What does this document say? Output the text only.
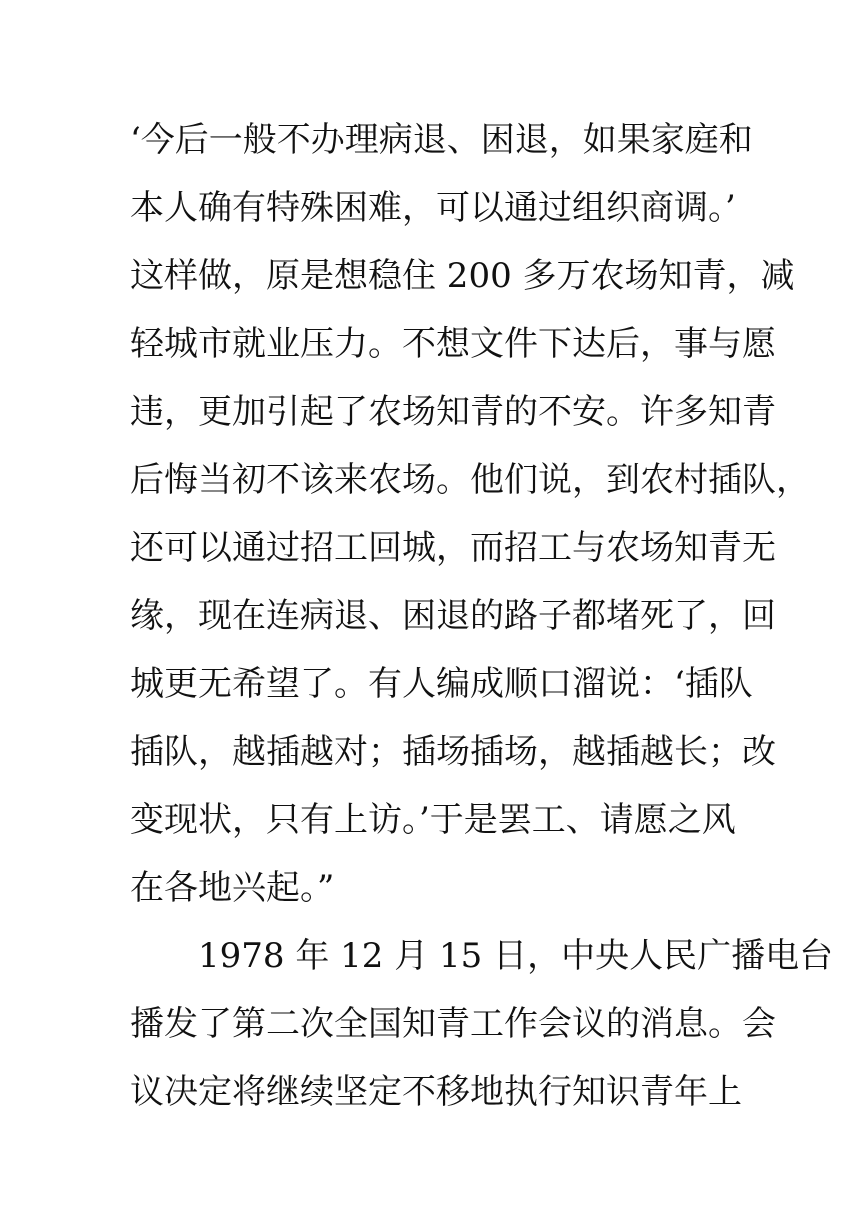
‘今后一般不办理病退、困退，如果家庭和
本人确有特殊困难，可以通过组织商调。’
这样做，原是想稳住 200 多万农场知青，减
轻城市就业压力。不想文件下达后，事与愿
违，更加引起了农场知青的不安。许多知青
后悔当初不该来农场。他们说，到农村插队，
还可以通过招工回城，而招工与农场知青无
缘，现在连病退、困退的路子都堵死了，回
城更无希望了。有人编成顺口溜说：‘插队
插队，越插越对；插场插场，越插越长；改
变现状，只有上访。’于是罢工、请愿之风
在各地兴起。”
　　1978 年 12 月 15 日，中央人民广播电台
播发了第二次全国知青工作会议的消息。会
议决定将继续坚定不移地执行知识青年上
